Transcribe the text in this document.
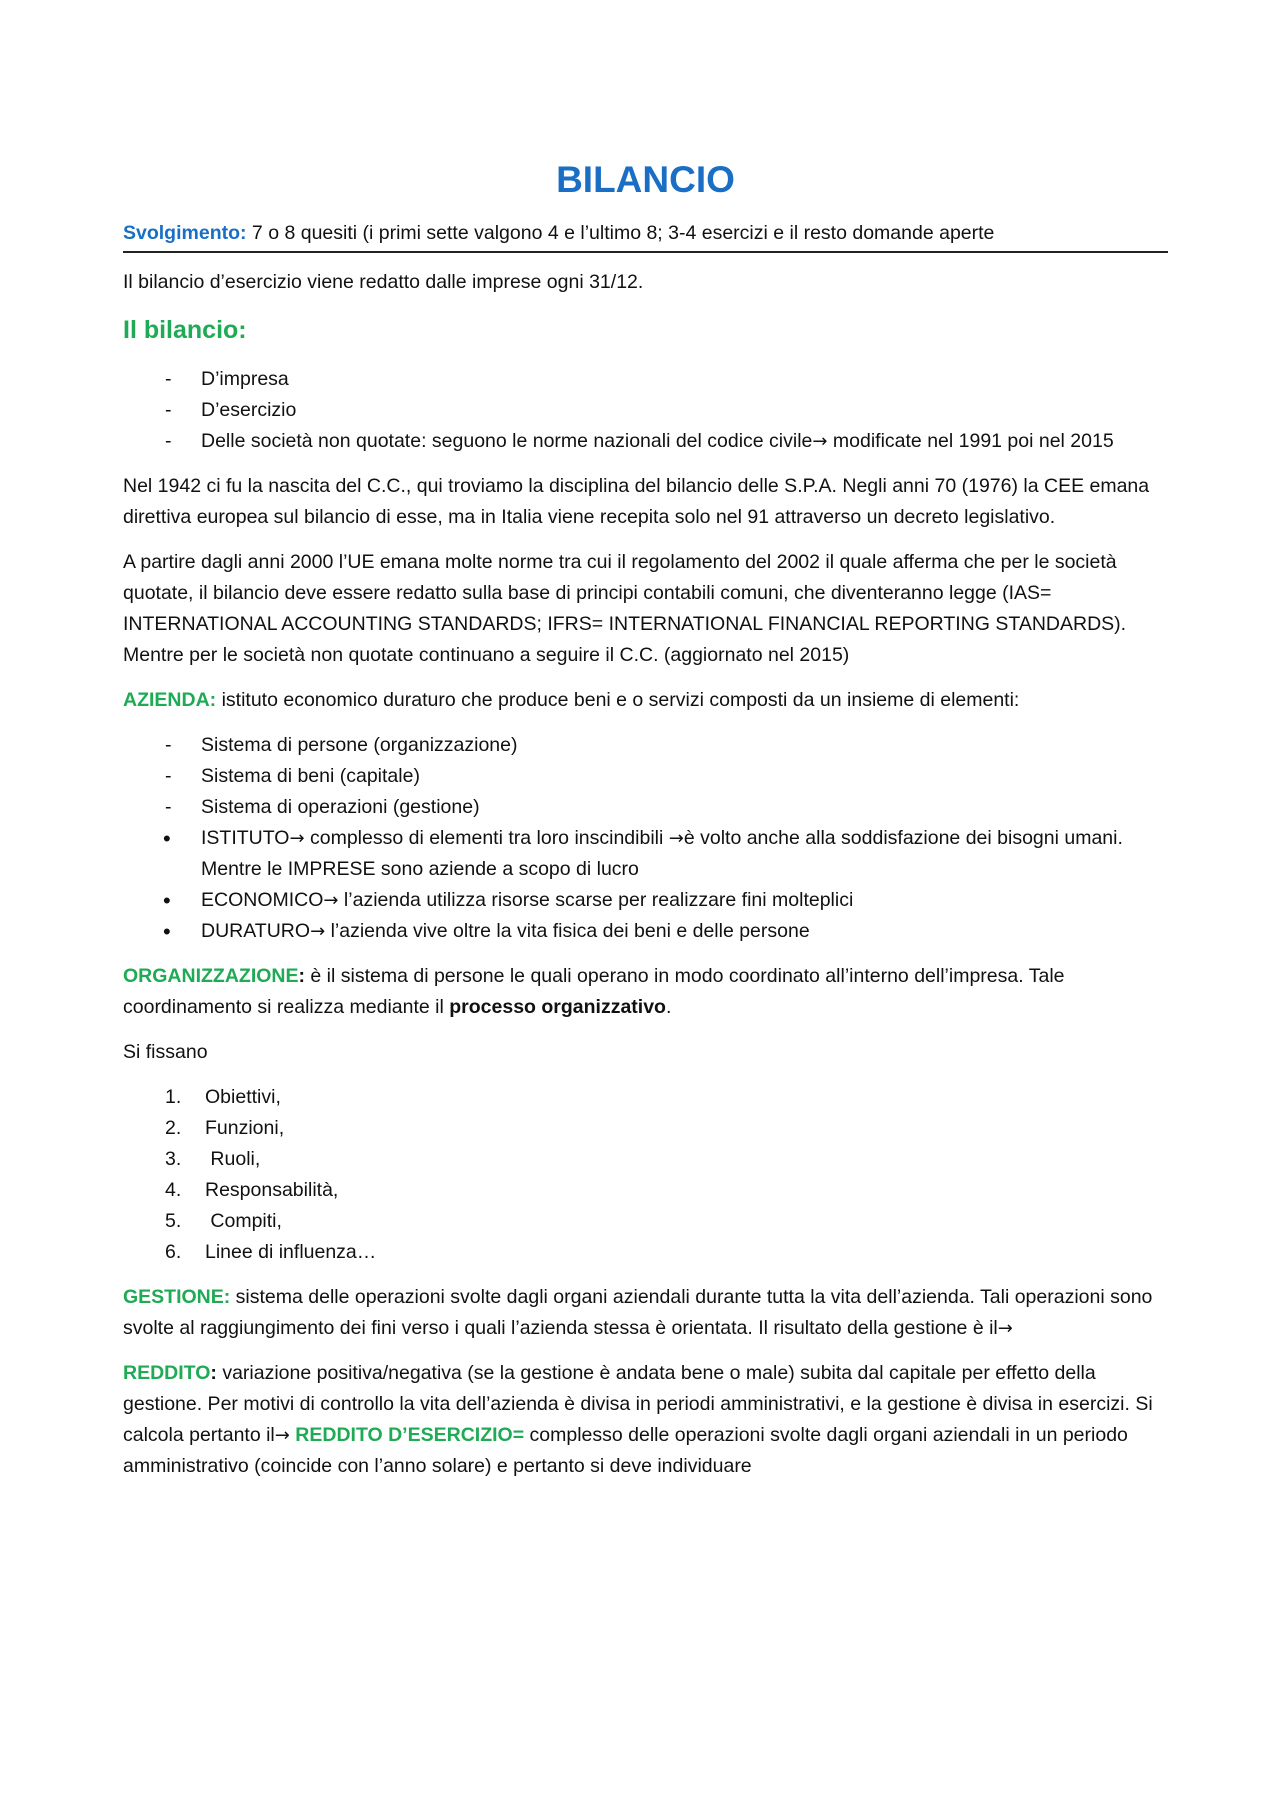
BILANCIO
Svolgimento: 7 o 8 quesiti (i primi sette valgono 4 e l’ultimo 8; 3-4 esercizi e il resto domande aperte

Il bilancio d’esercizio viene redatto dalle imprese ogni 31/12.

Il bilancio:
- D’impresa
- D’esercizio
- Delle società non quotate: seguono le norme nazionali del codice civile→ modificate nel 1991 poi nel 2015

Nel 1942 ci fu la nascita del C.C., qui troviamo la disciplina del bilancio delle S.P.A. Negli anni 70 (1976) la CEE emana direttiva europea sul bilancio di esse, ma in Italia viene recepita solo nel 91 attraverso un decreto legislativo.

A partire dagli anni 2000 l’UE emana molte norme tra cui il regolamento del 2002 il quale afferma che per le società quotate, il bilancio deve essere redatto sulla base di principi contabili comuni, che diventeranno legge (IAS= INTERNATIONAL ACCOUNTING STANDARDS; IFRS= INTERNATIONAL FINANCIAL REPORTING STANDARDS). Mentre per le società non quotate continuano a seguire il C.C. (aggiornato nel 2015)

AZIENDA: istituto economico duraturo che produce beni e o servizi composti da un insieme di elementi:

- Sistema di persone (organizzazione)
- Sistema di beni (capitale)
- Sistema di operazioni (gestione)
• ISTITUTO→ complesso di elementi tra loro inscindibili →è volto anche alla soddisfazione dei bisogni umani. Mentre le IMPRESE sono aziende a scopo di lucro
• ECONOMICO→ l’azienda utilizza risorse scarse per realizzare fini molteplici
• DURATURO→ l’azienda vive oltre la vita fisica dei beni e delle persone

ORGANIZZAZIONE: è il sistema di persone le quali operano in modo coordinato all’interno dell’impresa. Tale coordinamento si realizza mediante il processo organizzativo.

Si fissano

1. Obiettivi,
2. Funzioni,
3. Ruoli,
4. Responsabilità,
5. Compiti,
6. Linee di influenza…

GESTIONE: sistema delle operazioni svolte dagli organi aziendali durante tutta la vita dell’azienda. Tali operazioni sono svolte al raggiungimento dei fini verso i quali l’azienda stessa è orientata. Il risultato della gestione è il→

REDDITO: variazione positiva/negativa (se la gestione è andata bene o male) subita dal capitale per effetto della gestione. Per motivi di controllo la vita dell’azienda è divisa in periodi amministrativi, e la gestione è divisa in esercizi. Si calcola pertanto il→ REDDITO D’ESERCIZIO= complesso delle operazioni svolte dagli organi aziendali in un periodo amministrativo (coincide con l’anno solare) e pertanto si deve individuare
